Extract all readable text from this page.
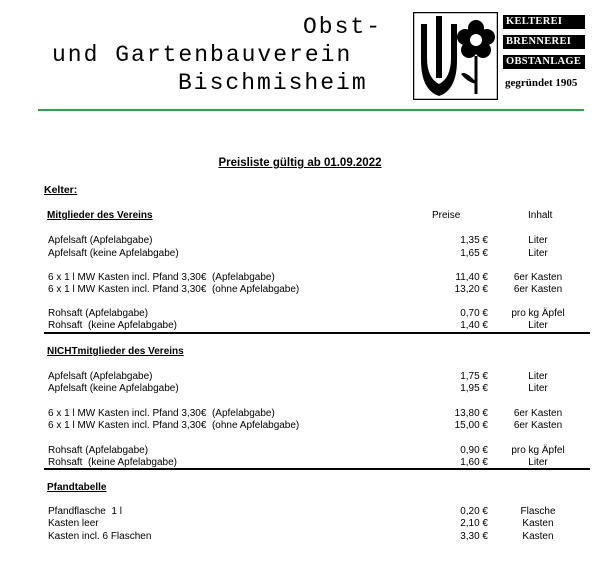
Obst-
und Gartenbauverein
Bischmisheim
KELTEREI
BRENNEREI
OBSTANLAGE
gegründet 1905
Preisliste gültig ab 01.09.2022
Kelter:
Mitglieder des Vereins	Preise	Inhalt
Apfelsaft (Apfelabgabe)	1,35 €	Liter
Apfelsaft (keine Apfelabgabe)	1,65 €	Liter
6 x 1 l MW Kasten incl. Pfand 3,30€  (Apfelabgabe)	11,40 €	6er Kasten
6 x 1 l MW Kasten incl. Pfand 3,30€  (ohne Apfelabgabe)	13,20 €	6er Kasten
Rohsaft (Apfelabgabe)	0,70 €	pro kg Äpfel
Rohsaft  (keine Apfelabgabe)	1,40 €	Liter
NICHTmitglieder des Vereins
Apfelsaft (Apfelabgabe)	1,75 €	Liter
Apfelsaft (keine Apfelabgabe)	1,95 €	Liter
6 x 1 l MW Kasten incl. Pfand 3,30€  (Apfelabgabe)	13,80 €	6er Kasten
6 x 1 l MW Kasten incl. Pfand 3,30€  (ohne Apfelabgabe)	15,00 €	6er Kasten
Rohsaft (Apfelabgabe)	0,90 €	pro kg Äpfel
Rohsaft  (keine Apfelabgabe)	1,60 €	Liter
Pfandtabelle
Pfandflasche  1 l	0,20 €	Flasche
Kasten leer	2,10 €	Kasten
Kasten incl. 6 Flaschen	3,30 €	Kasten
